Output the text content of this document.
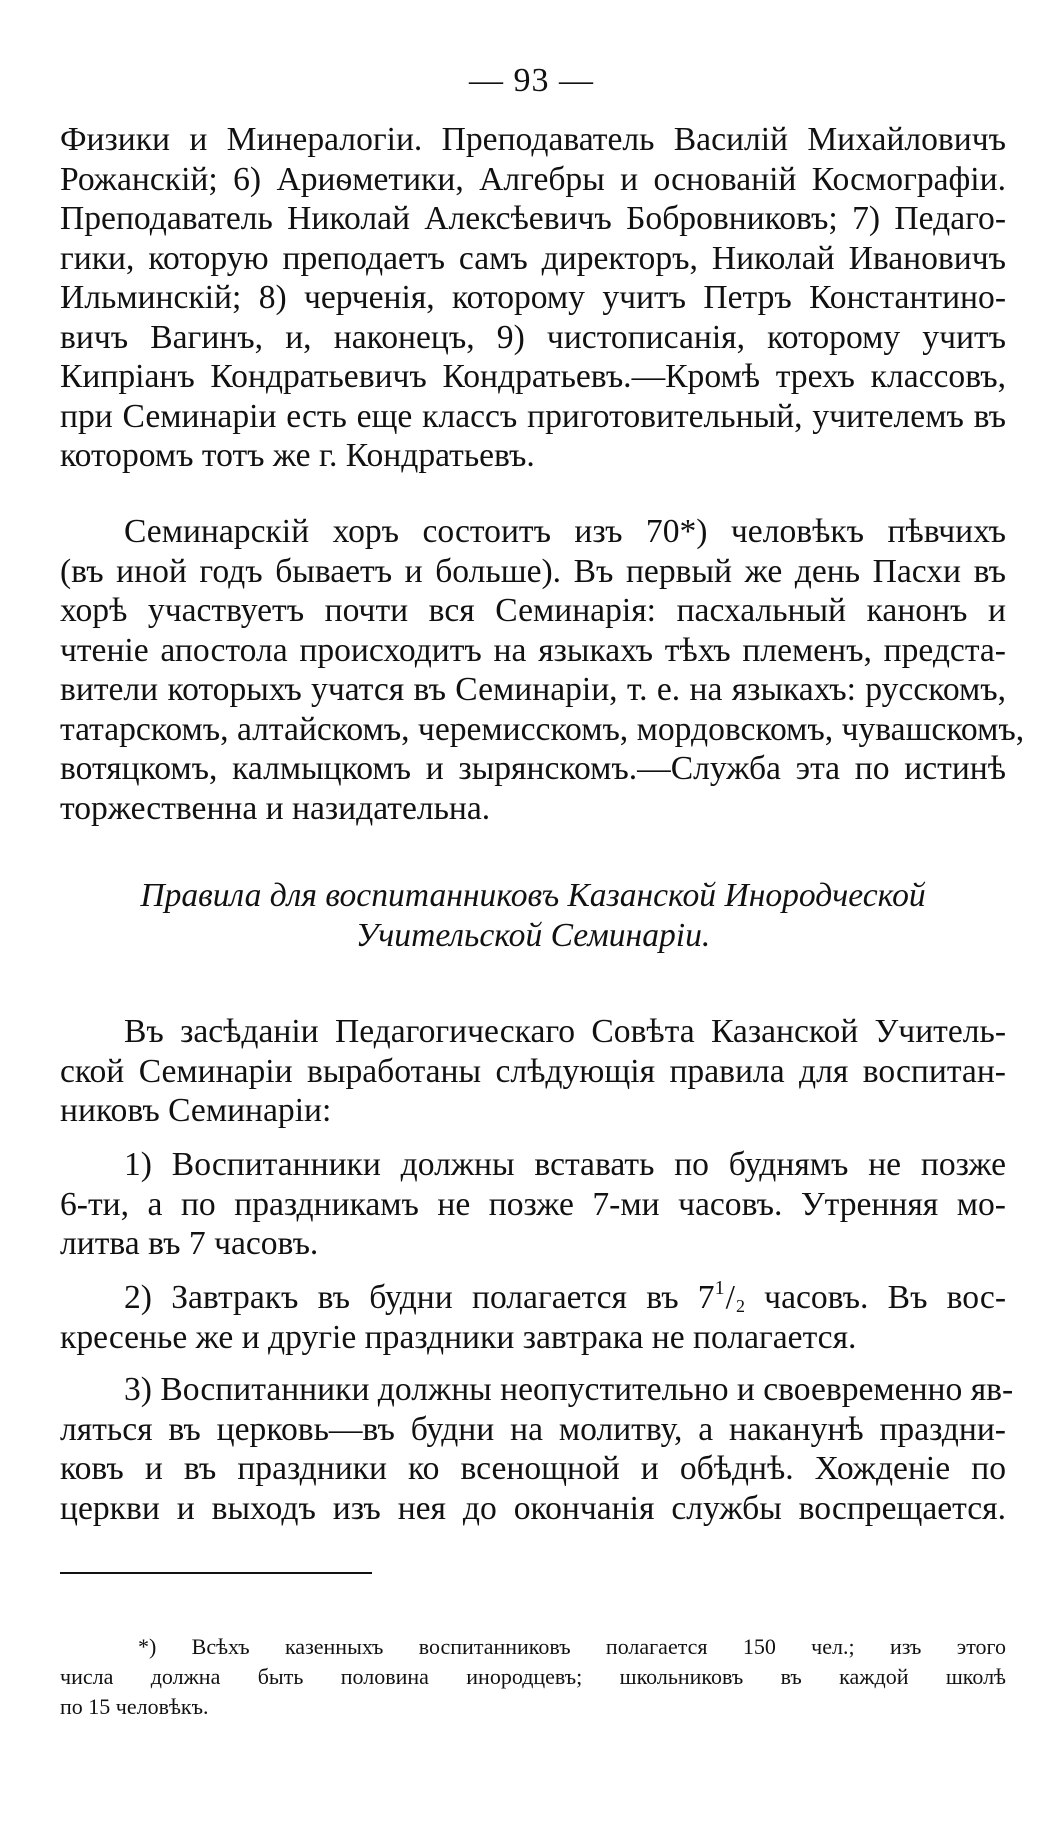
— 93 —
Физики и Минералогіи. Преподаватель Василій Михайловичъ
Рожанскій; 6) Ариѳметики, Алгебры и основаній Космографіи.
Преподаватель Николай Алексѣевичъ Бобровниковъ; 7) Педаго-
гики, которую преподаетъ самъ директоръ, Николай Ивановичъ
Ильминскій; 8) черченія, которому учитъ Петръ Константино-
вичъ Вагинъ, и, наконецъ, 9) чистописанія, которому учитъ
Кипріанъ Кондратьевичъ Кондратьевъ.—Кромѣ трехъ классовъ,
при Семинаріи есть еще классъ приготовительный, учителемъ въ
которомъ тотъ же г. Кондратьевъ.
Семинарскій хоръ состоитъ изъ 70*) человѣкъ пѣвчихъ
(въ иной годъ бываетъ и больше). Въ первый же день Пасхи въ
хорѣ участвуетъ почти вся Семинарія: пасхальный канонъ и
чтеніе апостола происходитъ на языкахъ тѣхъ племенъ, предста-
вители которыхъ учатся въ Семинаріи, т. е. на языкахъ: русскомъ,
татарскомъ, алтайскомъ, черемисскомъ, мордовскомъ, чувашскомъ,
вотяцкомъ, калмыцкомъ и зырянскомъ.—Служба эта по истинѣ
торжественна и назидательна.
Правила для воспитанниковъ Казанской Инородческой
Учительской Семинаріи.
Въ засѣданіи Педагогическаго Совѣта Казанской Учитель-
ской Семинаріи выработаны слѣдующія правила для воспитан-
никовъ Семинаріи:
1) Воспитанники должны вставать по буднямъ не позже
6-ти, а по праздникамъ не позже 7-ми часовъ. Утренняя мо-
литва въ 7 часовъ.
2) Завтракъ въ будни полагается въ $7^1/2$ часовъ. Въ вос-
кресенье же и другіе праздники завтрака не полагается.
3) Воспитанники должны неопустительно и своевременно яв-
ляться въ церковь—въ будни на молитву, а наканунѣ праздни-
ковъ и въ праздники ко всенощной и обѣднѣ. Хожденіе по
церкви и выходъ изъ нея до окончанія службы воспрещается.
*) Всѣхъ казенныхъ воспитанниковъ полагается 150 чел.; изъ этого
числа должна быть половина инородцевъ; школьниковъ въ каждой школѣ
по 15 человѣкъ.
